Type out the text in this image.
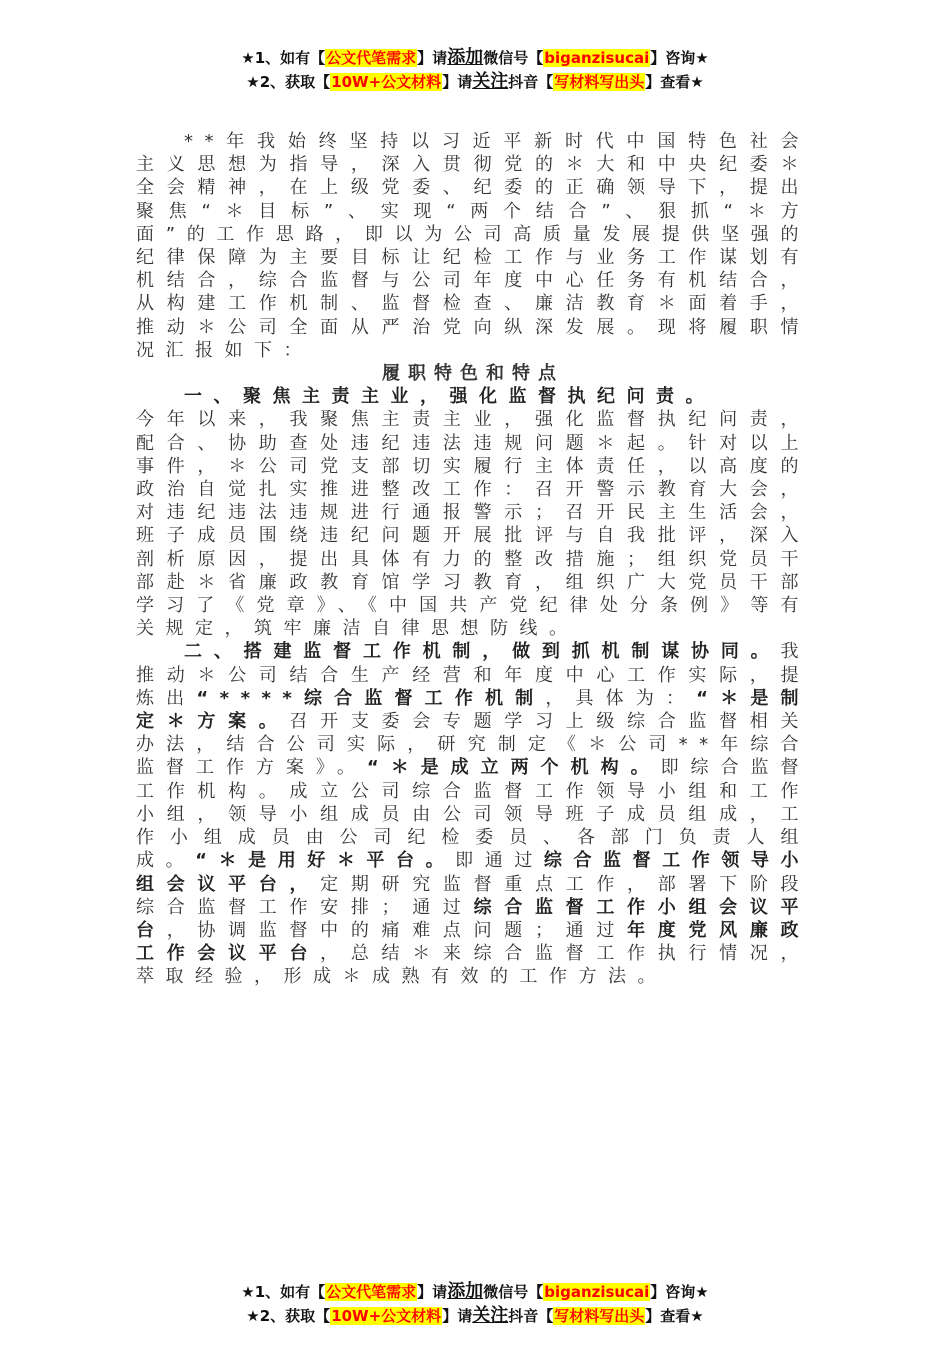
★1、如有【公文代笔需求】请添加微信号【biganzisucai】咨询★
★2、获取【10W+公文材料】请关注抖音【写材料写出头】查看★

**年我始终坚持以习近平新时代中国特色社会主义思想为指导，深入贯彻党的＊大和中央纪委＊全会精神，在上级党委、纪委的正确领导下，提出聚焦“＊目标”、实现“两个结合”、狠抓“＊方面”的工作思路，即以为公司高质量发展提供坚强的纪律保障为主要目标让纪检工作与业务工作谋划有机结合，综合监督与公司年度中心任务有机结合，从构建工作机制、监督检查、廉洁教育＊面着手，推动＊公司全面从严治党向纵深发展。现将履职情况汇报如下：

履职特色和特点

一、聚焦主责主业，强化监督执纪问责。

今年以来，我聚焦主责主业，强化监督执纪问责，配合、协助查处违纪违法违规问题＊起。针对以上事件，＊公司党支部切实履行主体责任，以高度的政治自觉扎实推进整改工作：召开警示教育大会，对违纪违法违规进行通报警示；召开民主生活会，班子成员围绕违纪问题开展批评与自我批评，深入剖析原因，提出具体有力的整改措施；组织党员干部赴＊省廉政教育馆学习教育，组织广大党员干部学习了《党章》、《中国共产党纪律处分条例》等有关规定，筑牢廉洁自律思想防线。

二、搭建监督工作机制，做到抓机制谋协同。我推动＊公司结合生产经营和年度中心工作实际，提炼出“****综合监督工作机制，具体为：“＊是制定＊方案。召开支委会专题学习上级综合监督相关办法，结合公司实际，研究制定《＊公司**年综合监督工作方案》。“＊是成立两个机构。即综合监督工作机构。成立公司综合监督工作领导小组和工作小组，领导小组成员由公司领导班子成员组成，工作小组成员由公司纪检委员、各部门负责人组成。“＊是用好＊平台。即通过综合监督工作领导小组会议平台，定期研究监督重点工作，部署下阶段综合监督工作安排；通过综合监督工作小组会议平台，协调监督中的痛难点问题；通过年度党风廉政工作会议平台，总结＊来综合监督工作执行情况，萃取经验，形成＊成熟有效的工作方法。

★1、如有【公文代笔需求】请添加微信号【biganzisucai】咨询★
★2、获取【10W+公文材料】请关注抖音【写材料写出头】查看★
